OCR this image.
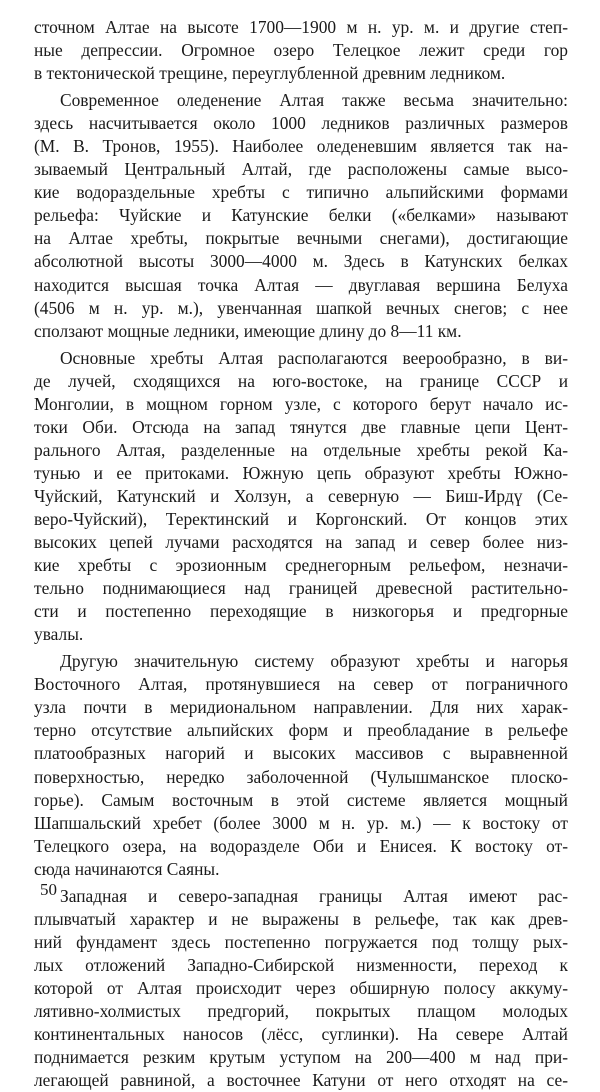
сточном Алтае на высоте 1700—1900 м н. ур. м. и другие степ-
ные депрессии. Огромное озеро Телецкое лежит среди гор
в тектонической трещине, переуглубленной древним ледником.
Современное оледенение Алтая также весьма значительно:
здесь насчитывается около 1000 ледников различных размеров
(М. В. Тронов, 1955). Наиболее оледеневшим является так на-
зываемый Центральный Алтай, где расположены самые высо-
кие водораздельные хребты с типично альпийскими формами
рельефа: Чуйские и Катунские белки («белками» называют
на Алтае хребты, покрытые вечными снегами), достигающие
абсолютной высоты 3000—4000 м. Здесь в Катунских белках
находится высшая точка Алтая — двуглавая вершина Белуха
(4506 м н. ур. м.), увенчанная шапкой вечных снегов; с нее
сползают мощные ледники, имеющие длину до 8—11 км.
Основные хребты Алтая располагаются веерообразно, в ви-
де лучей, сходящихся на юго-востоке, на границе СССР и
Монголии, в мощном горном узле, с которого берут начало ис-
токи Оби. Отсюда на запад тянутся две главные цепи Цент-
рального Алтая, разделенные на отдельные хребты рекой Ка-
тунью и ее притоками. Южную цепь образуют хребты Южно-
Чуйский, Катунский и Холзун, а северную — Биш-Ирдү (Се-
веро-Чуйский), Теректинский и Коргонский. От концов этих
высоких цепей лучами расходятся на запад и север более низ-
кие хребты с эрозионным среднегорным рельефом, незначи-
тельно поднимающиеся над границей древесной растительно-
сти и постепенно переходящие в низкогорья и предгорные
увалы.
Другую значительную систему образуют хребты и нагорья
Восточного Алтая, протянувшиеся на север от пограничного
узла почти в меридиональном направлении. Для них харак-
терно отсутствие альпийских форм и преобладание в рельефе
платообразных нагорий и высоких массивов с выравненной
поверхностью, нередко заболоченной (Чулышманское плоско-
горье). Самым восточным в этой системе является мощный
Шапшальский хребет (более 3000 м н. ур. м.) — к востоку от
Телецкого озера, на водоразделе Оби и Енисея. К востоку от-
сюда начинаются Саяны.
Западная и северо-западная границы Алтая имеют рас-
плывчатый характер и не выражены в рельефе, так как древ-
ний фундамент здесь постепенно погружается под толщу рых-
лых отложений Западно-Сибирской низменности, переход к
которой от Алтая происходит через обширную полосу аккуму-
лятивно-холмистых предгорий, покрытых плащом молодых
континентальных наносов (лёсс, суглинки). На севере Алтай
поднимается резким крутым уступом на 200—400 м над при-
легающей равниной, а восточнее Катуни от него отходят на се-
50
